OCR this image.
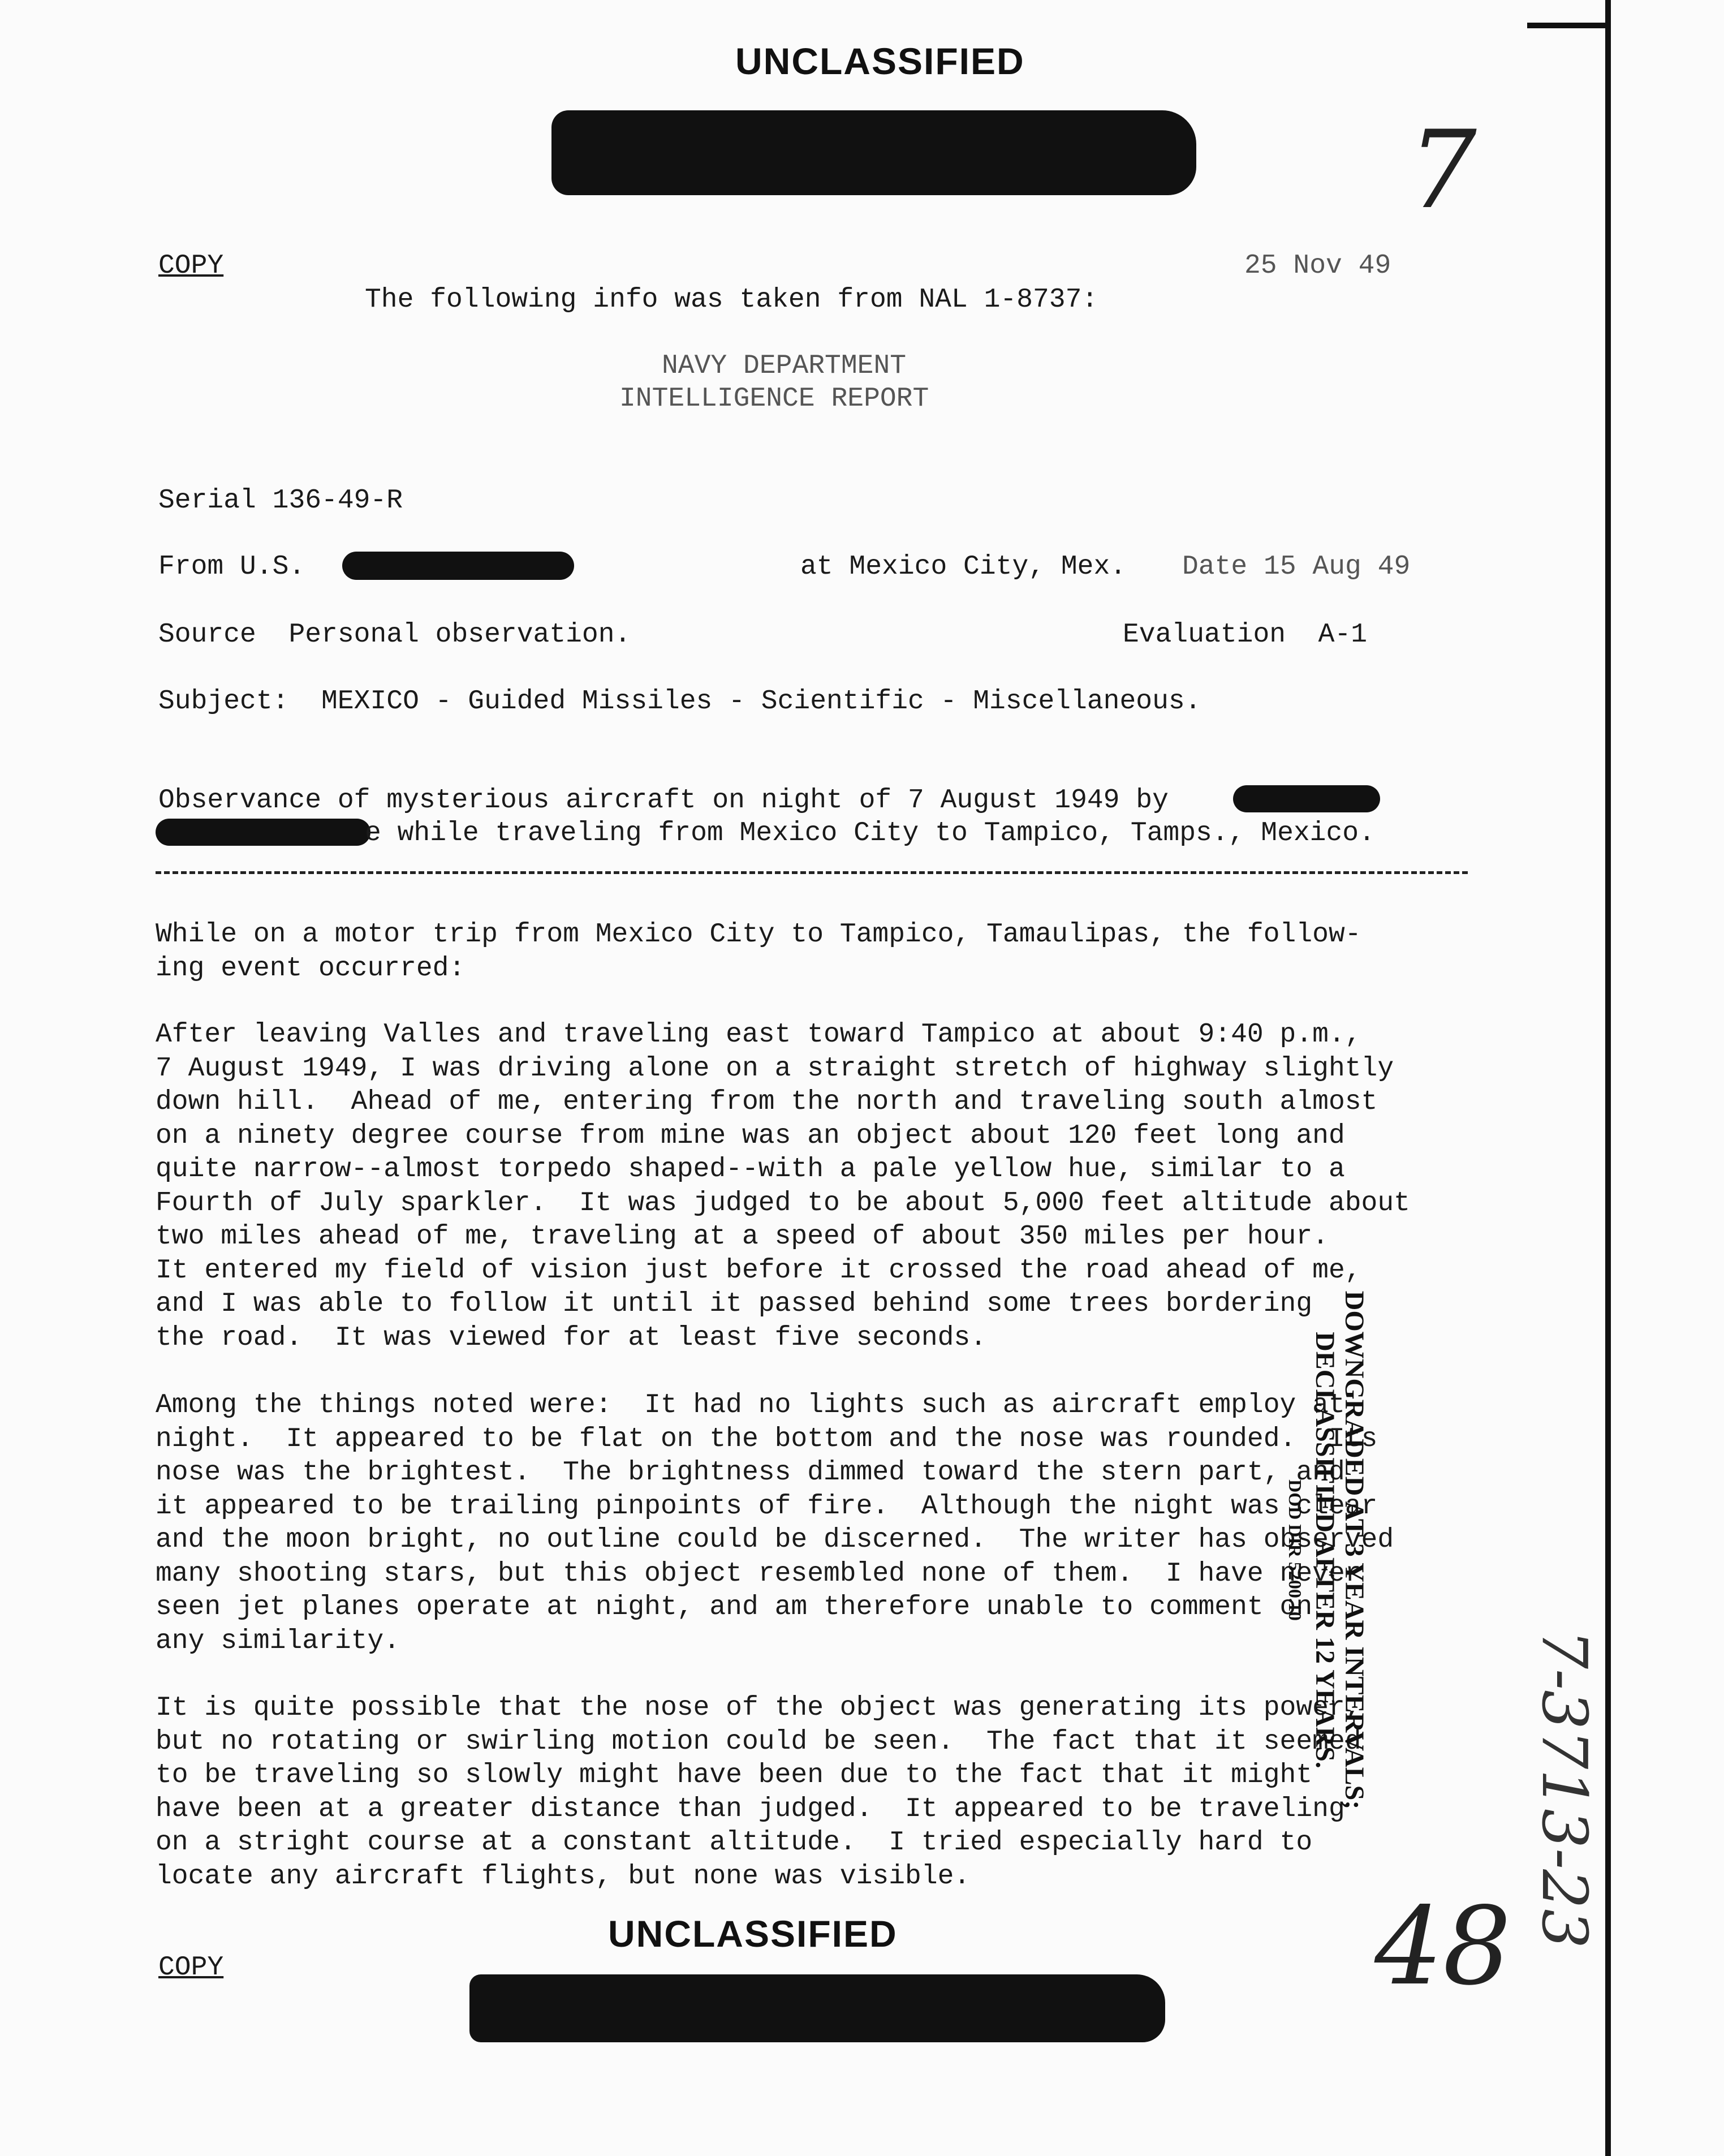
UNCLASSIFIED
7
COPY	25 Nov 49
The following info was taken from NAL 1-8737:
NAVY DEPARTMENT
INTELLIGENCE REPORT
Serial 136-49-R
From U.S.	at Mexico City, Mex. Date 15 Aug 49
Source  Personal observation.	Evaluation  A-1
Subject:  MEXICO - Guided Missiles - Scientific - Miscellaneous.
Observance of mysterious aircraft on night of 7 August 1949 by
e while traveling from Mexico City to Tampico, Tamps., Mexico.
While on a motor trip from Mexico City to Tampico, Tamaulipas, the follow-
ing event occurred:
After leaving Valles and traveling east toward Tampico at about 9:40 p.m.,
7 August 1949, I was driving alone on a straight stretch of highway slightly
down hill.  Ahead of me, entering from the north and traveling south almost
on a ninety degree course from mine was an object about 120 feet long and
quite narrow--almost torpedo shaped--with a pale yellow hue, similar to a
Fourth of July sparkler.  It was judged to be about 5,000 feet altitude about
two miles ahead of me, traveling at a speed of about 350 miles per hour.
It entered my field of vision just before it crossed the road ahead of me,
and I was able to follow it until it passed behind some trees bordering
the road.  It was viewed for at least five seconds.
Among the things noted were:  It had no lights such as aircraft employ at
night.  It appeared to be flat on the bottom and the nose was rounded.  Its
nose was the brightest.  The brightness dimmed toward the stern part, and
it appeared to be trailing pinpoints of fire.  Although the night was clear
and the moon bright, no outline could be discerned.  The writer has observed
many shooting stars, but this object resembled none of them.  I have never
seen jet planes operate at night, and am therefore unable to comment on
any similarity.
It is quite possible that the nose of the object was generating its power,
but no rotating or swirling motion could be seen.  The fact that it seemed
to be traveling so slowly might have been due to the fact that it might
have been at a greater distance than judged.  It appeared to be traveling
on a stright course at a constant altitude.  I tried especially hard to
locate any aircraft flights, but none was visible.
DOWNGRADED AT 3 YEAR INTERVALS;
DECLASSIFIED AFTER 12 YEARS.
DOD DIR 5200.10
7-3713-23
UNCLASSIFIED
COPY	48
